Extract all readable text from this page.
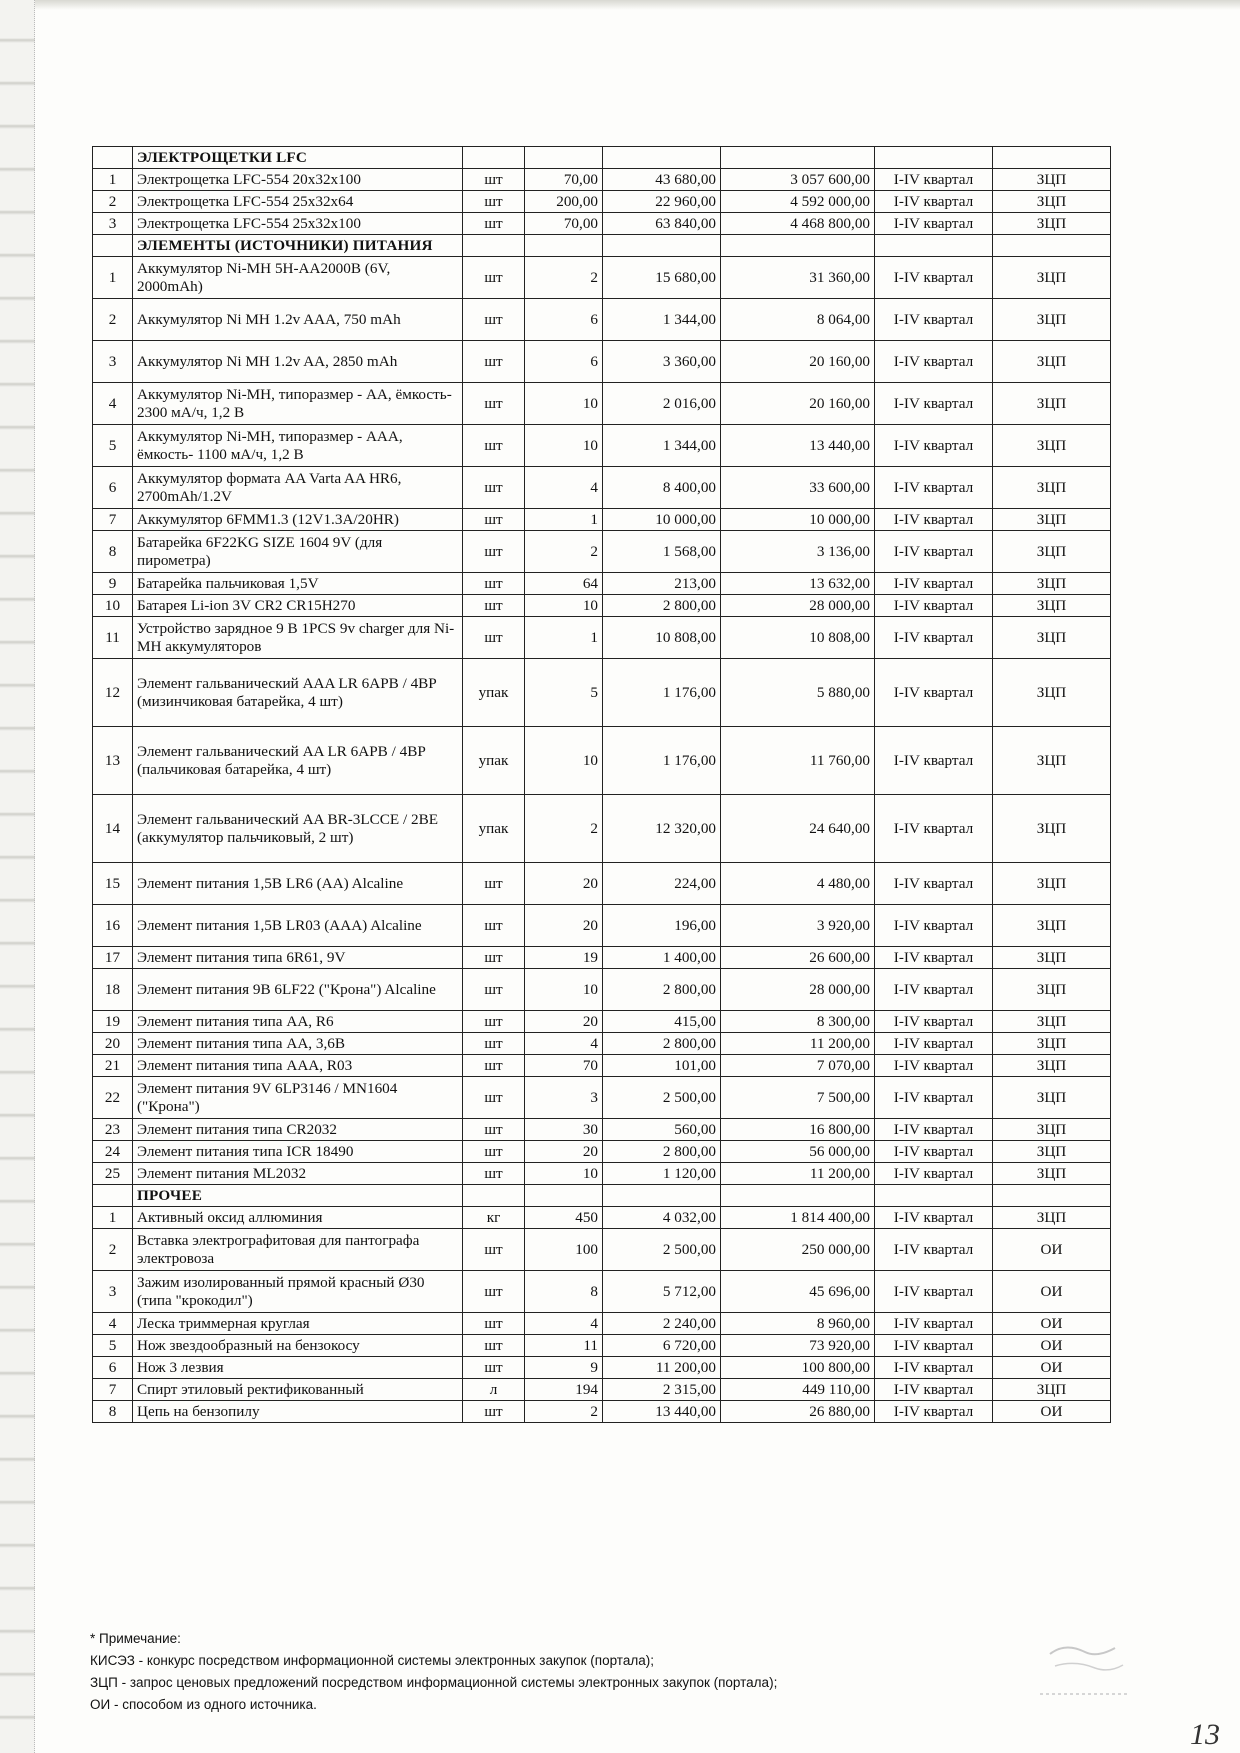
	ЭЛЕКТРОЩЕТКИ LFC						
1	Электрощетка LFC-554 20x32x100	шт	70,00	43 680,00	3 057 600,00	I-IV квартал	ЗЦП
2	Электрощетка LFC-554 25x32x64	шт	200,00	22 960,00	4 592 000,00	I-IV квартал	ЗЦП
3	Электрощетка LFC-554 25x32x100	шт	70,00	63 840,00	4 468 800,00	I-IV квартал	ЗЦП
	ЭЛЕМЕНТЫ (ИСТОЧНИКИ) ПИТАНИЯ						
1	Аккумулятор Ni-MH 5H-AA2000B (6V, 2000mAh)	шт	2	15 680,00	31 360,00	I-IV квартал	ЗЦП
2	Аккумулятор Ni MH 1.2v AAA, 750 mAh	шт	6	1 344,00	8 064,00	I-IV квартал	ЗЦП
3	Аккумулятор Ni MH 1.2v AA, 2850 mAh	шт	6	3 360,00	20 160,00	I-IV квартал	ЗЦП
4	Аккумулятор Ni-MH, типоразмер - AA, ёмкость- 2300 мА/ч, 1,2 В	шт	10	2 016,00	20 160,00	I-IV квартал	ЗЦП
5	Аккумулятор Ni-MH, типоразмер - AAA, ёмкость- 1100 мА/ч, 1,2 В	шт	10	1 344,00	13 440,00	I-IV квартал	ЗЦП
6	Аккумулятор формата AA Varta AA HR6, 2700mAh/1.2V	шт	4	8 400,00	33 600,00	I-IV квартал	ЗЦП
7	Аккумулятор 6FMM1.3 (12V1.3A/20HR)	шт	1	10 000,00	10 000,00	I-IV квартал	ЗЦП
8	Батарейка 6F22KG SIZE 1604 9V (для пирометра)	шт	2	1 568,00	3 136,00	I-IV квартал	ЗЦП
9	Батарейка пальчиковая 1,5V	шт	64	213,00	13 632,00	I-IV квартал	ЗЦП
10	Батарея Li-ion 3V CR2 CR15H270	шт	10	2 800,00	28 000,00	I-IV квартал	ЗЦП
11	Устройство зарядное 9 В 1PCS 9v charger для Ni-MH аккумуляторов	шт	1	10 808,00	10 808,00	I-IV квартал	ЗЦП
12	Элемент гальванический AAA LR 6APB / 4BP (мизинчиковая батарейка, 4 шт)	упак	5	1 176,00	5 880,00	I-IV квартал	ЗЦП
13	Элемент гальванический AA LR 6APB / 4BP (пальчиковая батарейка, 4 шт)	упак	10	1 176,00	11 760,00	I-IV квартал	ЗЦП
14	Элемент гальванический AA BR-3LCCE / 2BE (аккумулятор пальчиковый, 2 шт)	упак	2	12 320,00	24 640,00	I-IV квартал	ЗЦП
15	Элемент питания 1,5В LR6 (AA) Alcaline	шт	20	224,00	4 480,00	I-IV квартал	ЗЦП
16	Элемент питания 1,5В LR03 (AAA) Alcaline	шт	20	196,00	3 920,00	I-IV квартал	ЗЦП
17	Элемент питания типа 6R61, 9V	шт	19	1 400,00	26 600,00	I-IV квартал	ЗЦП
18	Элемент питания 9В 6LF22 ("Крона") Alcaline	шт	10	2 800,00	28 000,00	I-IV квартал	ЗЦП
19	Элемент питания типа AA, R6	шт	20	415,00	8 300,00	I-IV квартал	ЗЦП
20	Элемент питания типа AA, 3,6В	шт	4	2 800,00	11 200,00	I-IV квартал	ЗЦП
21	Элемент питания типа AAA, R03	шт	70	101,00	7 070,00	I-IV квартал	ЗЦП
22	Элемент питания 9V 6LP3146 / MN1604 ("Крона")	шт	3	2 500,00	7 500,00	I-IV квартал	ЗЦП
23	Элемент питания типа CR2032	шт	30	560,00	16 800,00	I-IV квартал	ЗЦП
24	Элемент питания типа ICR 18490	шт	20	2 800,00	56 000,00	I-IV квартал	ЗЦП
25	Элемент питания ML2032	шт	10	1 120,00	11 200,00	I-IV квартал	ЗЦП
	ПРОЧЕЕ						
1	Активный оксид аллюминия	кг	450	4 032,00	1 814 400,00	I-IV квартал	ЗЦП
2	Вставка электрографитовая для пантографа электровоза	шт	100	2 500,00	250 000,00	I-IV квартал	ОИ
3	Зажим изолированный прямой красный Ø30 (типа "крокодил")	шт	8	5 712,00	45 696,00	I-IV квартал	ОИ
4	Леска триммерная круглая	шт	4	2 240,00	8 960,00	I-IV квартал	ОИ
5	Нож звездообразный на бензокосу	шт	11	6 720,00	73 920,00	I-IV квартал	ОИ
6	Нож 3 лезвия	шт	9	11 200,00	100 800,00	I-IV квартал	ОИ
7	Спирт этиловый ректификованный	л	194	2 315,00	449 110,00	I-IV квартал	ЗЦП
8	Цепь на бензопилу	шт	2	13 440,00	26 880,00	I-IV квартал	ОИ
* Примечание:
КИСЭЗ - конкурс посредством информационной системы электронных закупок (портала);
ЗЦП - запрос ценовых предложений посредством информационной системы электронных закупок (портала);
ОИ - способом из одного источника.
13
